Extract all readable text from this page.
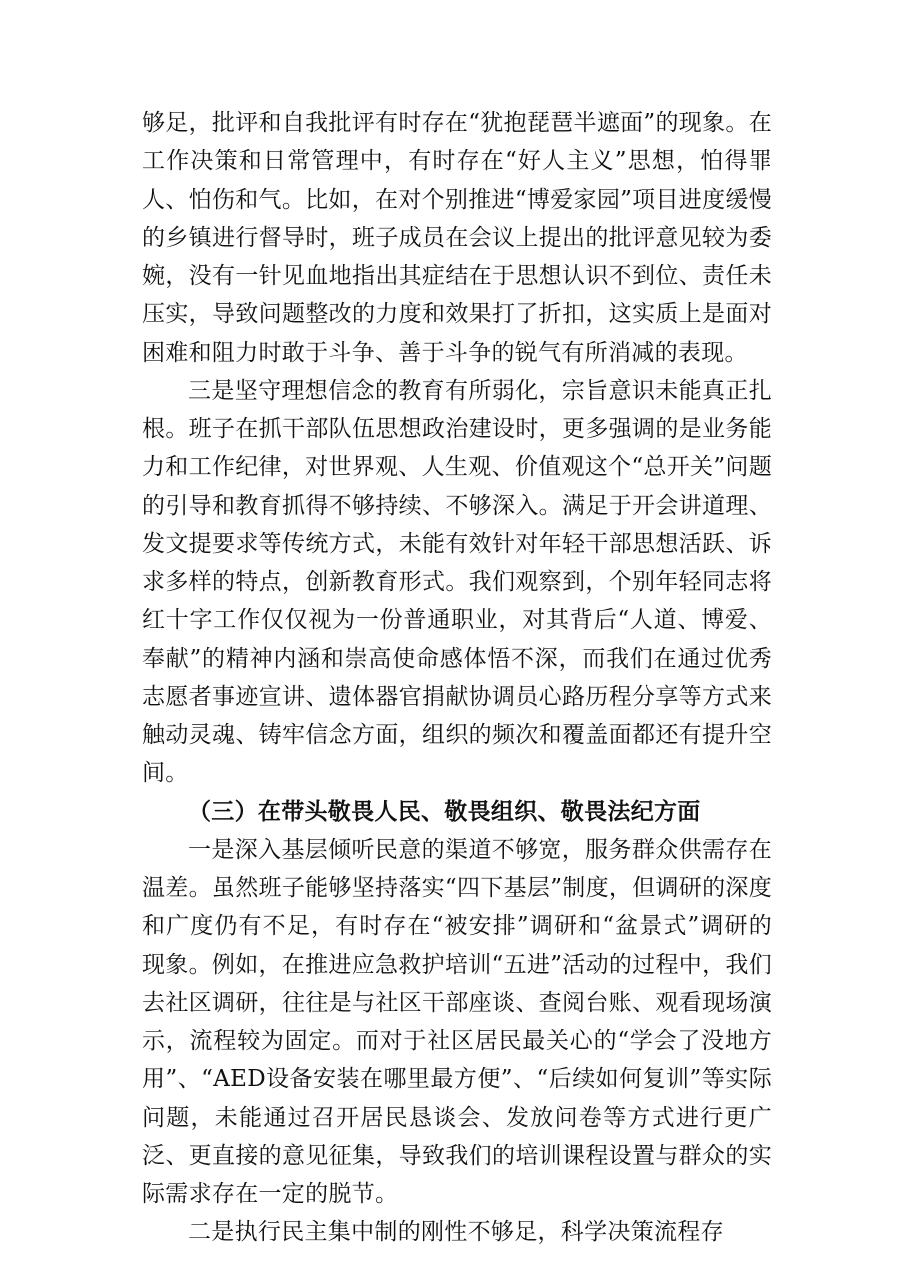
够足，批评和自我批评有时存在“犹抱琵琶半遮面”的现象。在工作决策和日常管理中，有时存在“好人主义”思想，怕得罪人、怕伤和气。比如，在对个别推进“博爱家园”项目进度缓慢的乡镇进行督导时，班子成员在会议上提出的批评意见较为委婉，没有一针见血地指出其症结在于思想认识不到位、责任未压实，导致问题整改的力度和效果打了折扣，这实质上是面对困难和阻力时敢于斗争、善于斗争的锐气有所消减的表现。

三是坚守理想信念的教育有所弱化，宗旨意识未能真正扎根。班子在抓干部队伍思想政治建设时，更多强调的是业务能力和工作纪律，对世界观、人生观、价值观这个“总开关”问题的引导和教育抓得不够持续、不够深入。满足于开会讲道理、发文提要求等传统方式，未能有效针对年轻干部思想活跃、诉求多样的特点，创新教育形式。我们观察到，个别年轻同志将红十字工作仅仅视为一份普通职业，对其背后“人道、博爱、奉献”的精神内涵和崇高使命感体悟不深，而我们在通过优秀志愿者事迹宣讲、遗体器官捐献协调员心路历程分享等方式来触动灵魂、铸牢信念方面，组织的频次和覆盖面都还有提升空间。

（三）在带头敬畏人民、敬畏组织、敬畏法纪方面

一是深入基层倾听民意的渠道不够宽，服务群众供需存在温差。虽然班子能够坚持落实“四下基层”制度，但调研的深度和广度仍有不足，有时存在“被安排”调研和“盆景式”调研的现象。例如，在推进应急救护培训“五进”活动的过程中，我们去社区调研，往往是与社区干部座谈、查阅台账、观看现场演示，流程较为固定。而对于社区居民最关心的“学会了没地方用”、“AED设备安装在哪里最方便”、“后续如何复训”等实际问题，未能通过召开居民恳谈会、发放问卷等方式进行更广泛、更直接的意见征集，导致我们的培训课程设置与群众的实际需求存在一定的脱节。

二是执行民主集中制的刚性不够足，科学决策流程存
